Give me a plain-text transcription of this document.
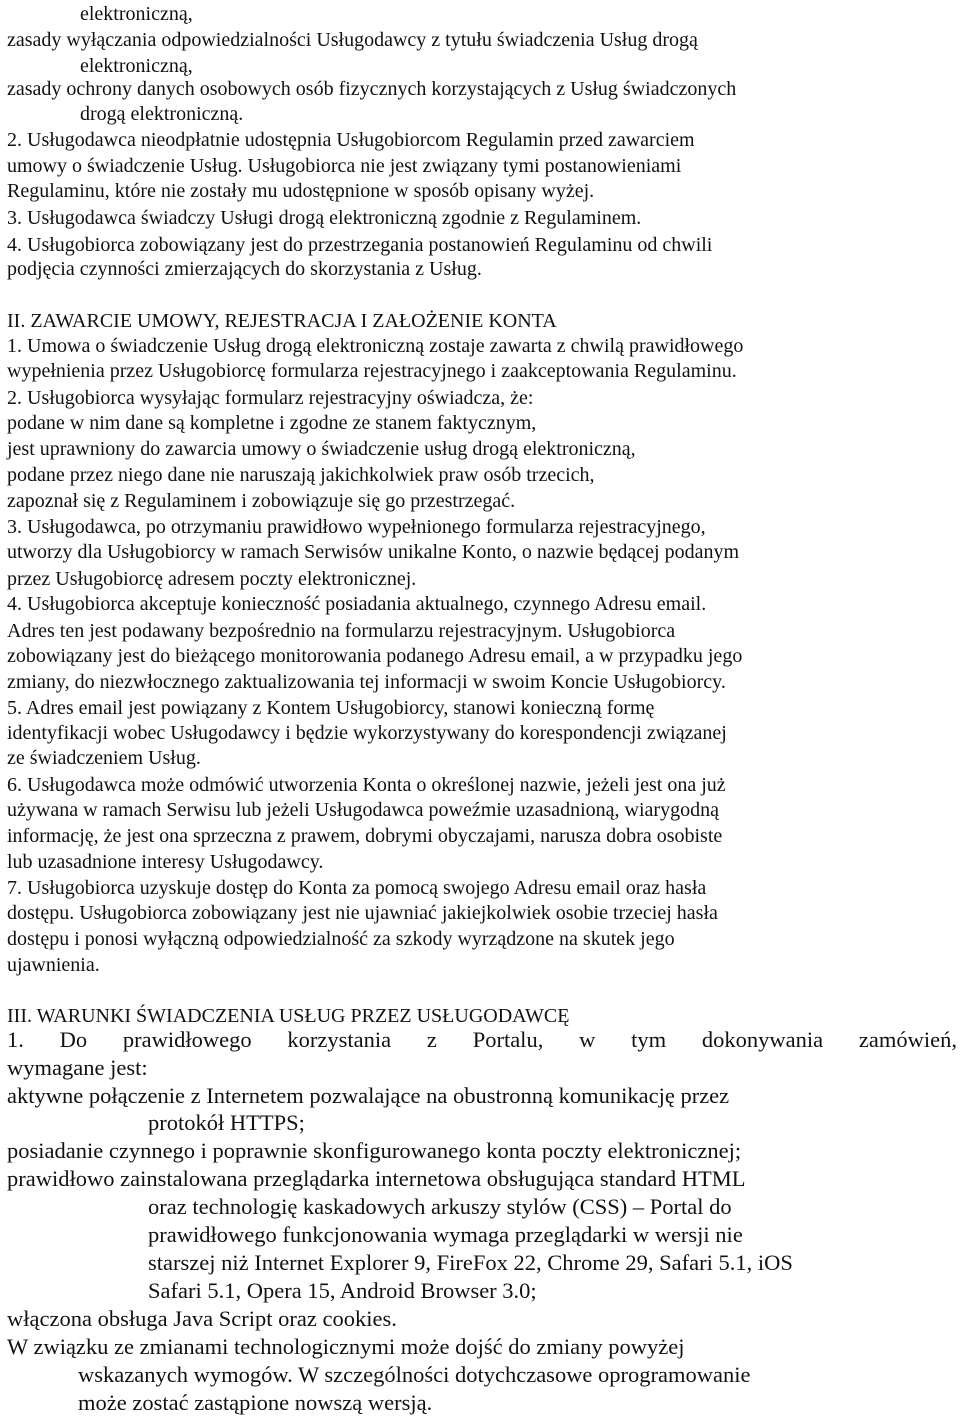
elektroniczną,
zasady wyłączania odpowiedzialności Usługodawcy z tytułu świadczenia Usług drogą
elektroniczną,
zasady ochrony danych osobowych osób fizycznych korzystających z Usług świadczonych
drogą elektroniczną.
2. Usługodawca nieodpłatnie udostępnia Usługobiorcom Regulamin przed zawarciem
umowy o świadczenie Usług. Usługobiorca nie jest związany tymi postanowieniami
Regulaminu, które nie zostały mu udostępnione w sposób opisany wyżej.
3. Usługodawca świadczy Usługi drogą elektroniczną zgodnie z Regulaminem.
4. Usługobiorca zobowiązany jest do przestrzegania postanowień Regulaminu od chwili
podjęcia czynności zmierzających do skorzystania z Usług.
II. ZAWARCIE UMOWY, REJESTRACJA I ZAŁOŻENIE KONTA
1. Umowa o świadczenie Usług drogą elektroniczną zostaje zawarta z chwilą prawidłowego
wypełnienia przez Usługobiorcę formularza rejestracyjnego i zaakceptowania Regulaminu.
2. Usługobiorca wysyłając formularz rejestracyjny oświadcza, że:
podane w nim dane są kompletne i zgodne ze stanem faktycznym,
jest uprawniony do zawarcia umowy o świadczenie usług drogą elektroniczną,
podane przez niego dane nie naruszają jakichkolwiek praw osób trzecich,
zapoznał się z Regulaminem i zobowiązuje się go przestrzegać.
3. Usługodawca, po otrzymaniu prawidłowo wypełnionego formularza rejestracyjnego,
utworzy dla Usługobiorcy w ramach Serwisów unikalne Konto, o nazwie będącej podanym
przez Usługobiorcę adresem poczty elektronicznej.
4. Usługobiorca akceptuje konieczność posiadania aktualnego, czynnego Adresu email.
Adres ten jest podawany bezpośrednio na formularzu rejestracyjnym. Usługobiorca
zobowiązany jest do bieżącego monitorowania podanego Adresu email, a w przypadku jego
zmiany, do niezwłocznego zaktualizowania tej informacji w swoim Koncie Usługobiorcy.
5. Adres email jest powiązany z Kontem Usługobiorcy, stanowi konieczną formę
identyfikacji wobec Usługodawcy i będzie wykorzystywany do korespondencji związanej
ze świadczeniem Usług.
6. Usługodawca może odmówić utworzenia Konta o określonej nazwie, jeżeli jest ona już
używana w ramach Serwisu lub jeżeli Usługodawca poweźmie uzasadnioną, wiarygodną
informację, że jest ona sprzeczna z prawem, dobrymi obyczajami, narusza dobra osobiste
lub uzasadnione interesy Usługodawcy.
7. Usługobiorca uzyskuje dostęp do Konta za pomocą swojego Adresu email oraz hasła
dostępu. Usługobiorca zobowiązany jest nie ujawniać jakiejkolwiek osobie trzeciej hasła
dostępu i ponosi wyłączną odpowiedzialność za szkody wyrządzone na skutek jego
ujawnienia.
III. WARUNKI ŚWIADCZENIA USŁUG PRZEZ USŁUGODAWCĘ
1. Do prawidłowego korzystania z Portalu, w tym dokonywania zamówień,
wymagane jest:
aktywne połączenie z Internetem pozwalające na obustronną komunikację przez
protokół HTTPS;
posiadanie czynnego i poprawnie skonfigurowanego konta poczty elektronicznej;
prawidłowo zainstalowana przeglądarka internetowa obsługująca standard HTML
oraz technologię kaskadowych arkuszy stylów (CSS) – Portal do
prawidłowego funkcjonowania wymaga przeglądarki w wersji nie
starszej niż Internet Explorer 9, FireFox 22, Chrome 29, Safari 5.1, iOS
Safari 5.1, Opera 15, Android Browser 3.0;
włączona obsługa Java Script oraz cookies.
W związku ze zmianami technologicznymi może dojść do zmiany powyżej
wskazanych wymogów. W szczególności dotychczasowe oprogramowanie
może zostać zastąpione nowszą wersją.
